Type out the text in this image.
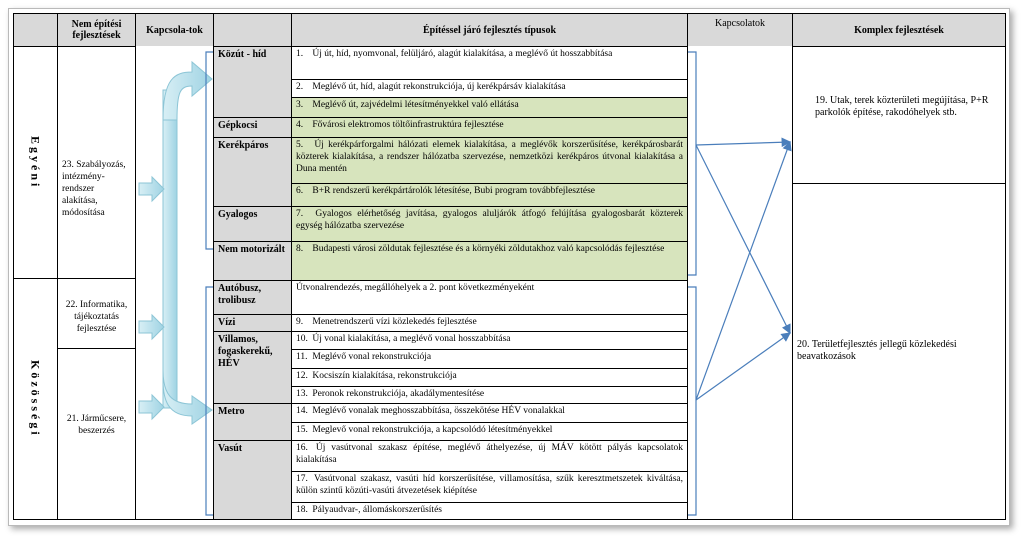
Nem építési fejlesztések	Kapcsola-tok	Építéssel járó fejlesztés típusok
Kapcsolatok
Komplex fejlesztések
Egyéni
Közösségi
23. Szabályozás, intézmény-rendszer alakítása, módosítása
22. Informatika, tájékoztatás fejlesztése
21. Járműcsere, beszerzés
Közút - híd
Gépkocsi
Kerékpáros
Gyalogos
Nem motorizált
Autóbusz, trolibusz
Vízi
Villamos, fogaskerekű, HÉV
Metro
Vasút
1. Új út, híd, nyomvonal, felüljáró, alagút kialakítása, a meglévő út hosszabbítása
2. Meglévő út, híd, alagút rekonstrukciója, új kerékpársáv kialakítása
3. Meglévő út, zajvédelmi létesítményekkel való ellátása
4. Fővárosi elektromos töltőinfrastruktúra fejlesztése
5. Új kerékpárforgalmi hálózati elemek kialakítása, a meglévők korszerűsítése, kerékpárosbarát közterek kialakítása, a rendszer hálózatba szervezése, nemzetközi kerékpáros útvonal kialakítása a Duna mentén
6. B+R rendszerű kerékpártárolók létesítése, Bubi program továbbfejlesztése
7. Gyalogos elérhetőség javítása, gyalogos aluljárók átfogó felújítása gyalogosbarát közterek egység hálózatba szervezése
8. Budapesti városi zöldutak fejlesztése és a környéki zöldutakhoz való kapcsolódás fejlesztése
Útvonalrendezés, megállóhelyek a 2. pont következményeként
9. Menetrendszerű vízi közlekedés fejlesztése
10. Új vonal kialakítása, a meglévő vonal hosszabbítása
11. Meglévő vonal rekonstrukciója
12. Kocsiszín kialakítása, rekonstrukciója
13. Peronok rekonstrukciója, akadálymentesítése
14. Meglévő vonalak meghosszabbítása, összekötése HÉV vonalakkal
15. Meglevő vonal rekonstrukciója, a kapcsolódó létesítményekkel
16. Új vasútvonal szakasz építése, meglévő áthelyezése, új MÁV kötött pályás kapcsolatok kialakítása
17. Vasútvonal szakasz, vasúti híd korszerűsítése, villamosítása, szűk keresztmetszetek kiváltása, külön szintű közúti-vasúti átvezetések kiépítése
18. Pályaudvar-, állomáskorszerűsítés
19. Utak, terek közterületi megújítása, P+R parkolók építése, rakodóhelyek stb.
20. Területfejlesztés jellegű közlekedési beavatkozások
